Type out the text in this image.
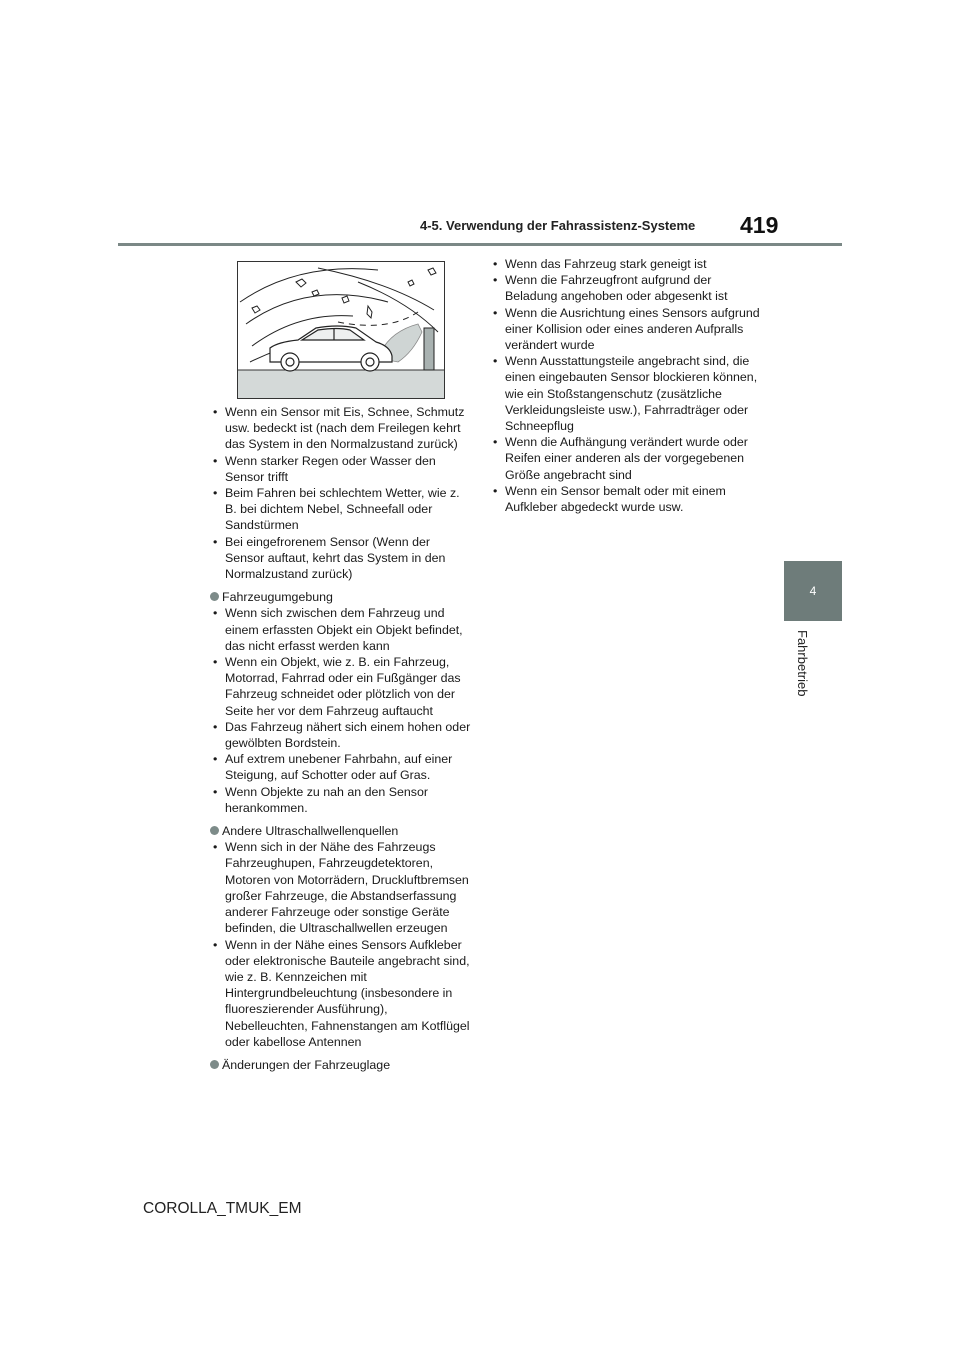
4-5. Verwendung der Fahrassistenz-Systeme 419
4
Fahrbetrieb
• Wenn ein Sensor mit Eis, Schnee, Schmutz usw. bedeckt ist (nach dem Freilegen kehrt das System in den Normalzustand zurück)
• Wenn starker Regen oder Wasser den Sensor trifft
• Beim Fahren bei schlechtem Wetter, wie z. B. bei dichtem Nebel, Schneefall oder Sandstürmen
• Bei eingefrorenem Sensor (Wenn der Sensor auftaut, kehrt das System in den Normalzustand zurück)
Fahrzeugumgebung
• Wenn sich zwischen dem Fahrzeug und einem erfassten Objekt ein Objekt befindet, das nicht erfasst werden kann
• Wenn ein Objekt, wie z. B. ein Fahrzeug, Motorrad, Fahrrad oder ein Fußgänger das Fahrzeug schneidet oder plötzlich von der Seite her vor dem Fahrzeug auftaucht
• Das Fahrzeug nähert sich einem hohen oder gewölbten Bordstein.
• Auf extrem unebener Fahrbahn, auf einer Steigung, auf Schotter oder auf Gras.
• Wenn Objekte zu nah an den Sensor herankommen.
Andere Ultraschallwellenquellen
• Wenn sich in der Nähe des Fahrzeugs Fahrzeughupen, Fahrzeugdetektoren, Motoren von Motorrädern, Druckluftbremsen großer Fahrzeuge, die Abstandserfassung anderer Fahrzeuge oder sonstige Geräte befinden, die Ultraschallwellen erzeugen
• Wenn in der Nähe eines Sensors Aufkleber oder elektronische Bauteile angebracht sind, wie z. B. Kennzeichen mit Hintergrundbeleuchtung (insbesondere in fluoreszierender Ausführung), Nebelleuchten, Fahnenstangen am Kotflügel oder kabellose Antennen
Änderungen der Fahrzeuglage
• Wenn das Fahrzeug stark geneigt ist
• Wenn die Fahrzeugfront aufgrund der Beladung angehoben oder abgesenkt ist
• Wenn die Ausrichtung eines Sensors aufgrund einer Kollision oder eines anderen Aufpralls verändert wurde
• Wenn Ausstattungsteile angebracht sind, die einen eingebauten Sensor blockieren können, wie ein Stoßstangenschutz (zusätzliche Verkleidungsleiste usw.), Fahrradträger oder Schneepflug
• Wenn die Aufhängung verändert wurde oder Reifen einer anderen als der vorgegebenen Größe angebracht sind
• Wenn ein Sensor bemalt oder mit einem Aufkleber abgedeckt wurde usw.
COROLLA_TMUK_EM
